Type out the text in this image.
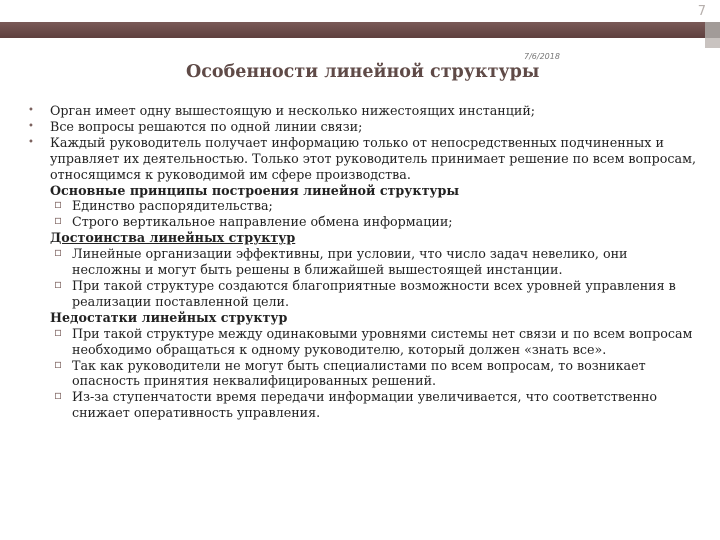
7
7/6/2018
Особенности линейной структуры
• Орган имеет одну вышестоящую и несколько нижестоящих инстанций;
• Все вопросы решаются по одной линии связи;
• Каждый руководитель получает информацию только от непосредственных подчиненных и управляет их деятельностью. Только этот руководитель принимает решение по всем вопросам, относящимся к руководимой им сфере производства.
Основные принципы построения линейной структуры
▫ Единство распорядительства;
▫ Строго вертикальное направление обмена информации;
Достоинства линейных структур
▫ Линейные организации эффективны, при условии, что число задач невелико, они несложны и могут быть решены в ближайшей вышестоящей инстанции.
▫ При такой структуре создаются благоприятные возможности всех уровней управления в реализации поставленной цели.
Недостатки линейных структур
▫ При такой структуре между одинаковыми уровнями системы нет связи и по всем вопросам необходимо обращаться к одному руководителю, который должен «знать все».
▫ Так как руководители не могут быть специалистами по всем вопросам, то возникает опасность принятия неквалифицированных решений.
▫ Из-за ступенчатости время передачи информации увеличивается, что соответственно снижает оперативность управления.
